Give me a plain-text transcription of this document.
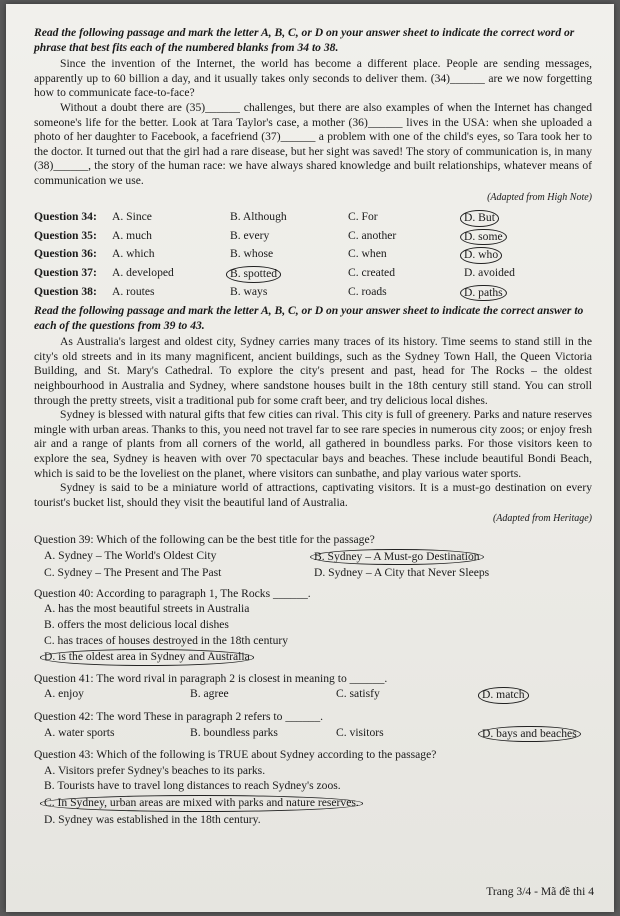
Read the following passage and mark the letter A, B, C, or D on your answer sheet to indicate the correct word or phrase that best fits each of the numbered blanks from 34 to 38.

Since the invention of the Internet, the world has become a different place. People are sending messages, apparently up to 60 billion a day, and it usually takes only seconds to deliver them. (34)______ are we now forgetting how to communicate face-to-face?

Without a doubt there are (35)______ challenges, but there are also examples of when the Internet has changed someone's life for the better. Look at Tara Taylor's case, a mother (36)______ lives in the USA: when she uploaded a photo of her daughter to Facebook, a facefriend (37)______ a problem with one of the child's eyes, so Tara took her to the doctor. It turned out that the girl had a rare disease, but her sight was saved! The story of communication is, in many (38)______, the story of the human race: we have always shared knowledge and built relationships, whatever means of communication we use.

(Adapted from High Note)
Question 34:	A. Since	B. Although	C. For	D. But
Question 35:	A. much	B. every	C. another	D. some
Question 36:	A. which	B. whose	C. when	D. who
Question 37:	A. developed	B. spotted	C. created	D. avoided
Question 38:	A. routes	B. ways	C. roads	D. paths

Read the following passage and mark the letter A, B, C, or D on your answer sheet to indicate the correct answer to each of the questions from 39 to 43.

As Australia's largest and oldest city, Sydney carries many traces of its history. Time seems to stand still in the city's old streets and in its many magnificent, ancient buildings, such as the Sydney Town Hall, the Queen Victoria Building, and St. Mary's Cathedral. To explore the city's present and past, head for The Rocks – the oldest neighbourhood in Australia and Sydney, where sandstone houses built in the 18th century still stand. You can stroll through the pretty streets, visit a traditional pub for some craft beer, and try delicious local dishes.

Sydney is blessed with natural gifts that few cities can rival. This city is full of greenery. Parks and nature reserves mingle with urban areas. Thanks to this, you need not travel far to see rare species in numerous city zoos; or enjoy fresh air and a range of plants from all corners of the world, all gathered in boundless parks. For those visitors keen to explore the sea, Sydney is heaven with over 70 spectacular bays and beaches. These include beautiful Bondi Beach, which is said to be the loveliest on the planet, where visitors can sunbathe, and play various water sports.

Sydney is said to be a miniature world of attractions, captivating visitors. It is a must-go destination on every tourist's bucket list, should they visit the beautiful land of Australia.

(Adapted from Heritage)
Question 39: Which of the following can be the best title for the passage?
A. Sydney – The World's Oldest City	B. Sydney – A Must-go Destination
C. Sydney – The Present and The Past	D. Sydney – A City that Never Sleeps
Question 40: According to paragraph 1, The Rocks ______.
A. has the most beautiful streets in Australia
B. offers the most delicious local dishes
C. has traces of houses destroyed in the 18th century
D. is the oldest area in Sydney and Australia
Question 41: The word rival in paragraph 2 is closest in meaning to ______.
A. enjoy	B. agree	C. satisfy	D. match
Question 42: The word These in paragraph 2 refers to ______.
A. water sports	B. boundless parks	C. visitors	D. bays and beaches
Question 43: Which of the following is TRUE about Sydney according to the passage?
A. Visitors prefer Sydney's beaches to its parks.
B. Tourists have to travel long distances to reach Sydney's zoos.
C. In Sydney, urban areas are mixed with parks and nature reserves.
D. Sydney was established in the 18th century.
Trang 3/4 - Mã đề thi 4
